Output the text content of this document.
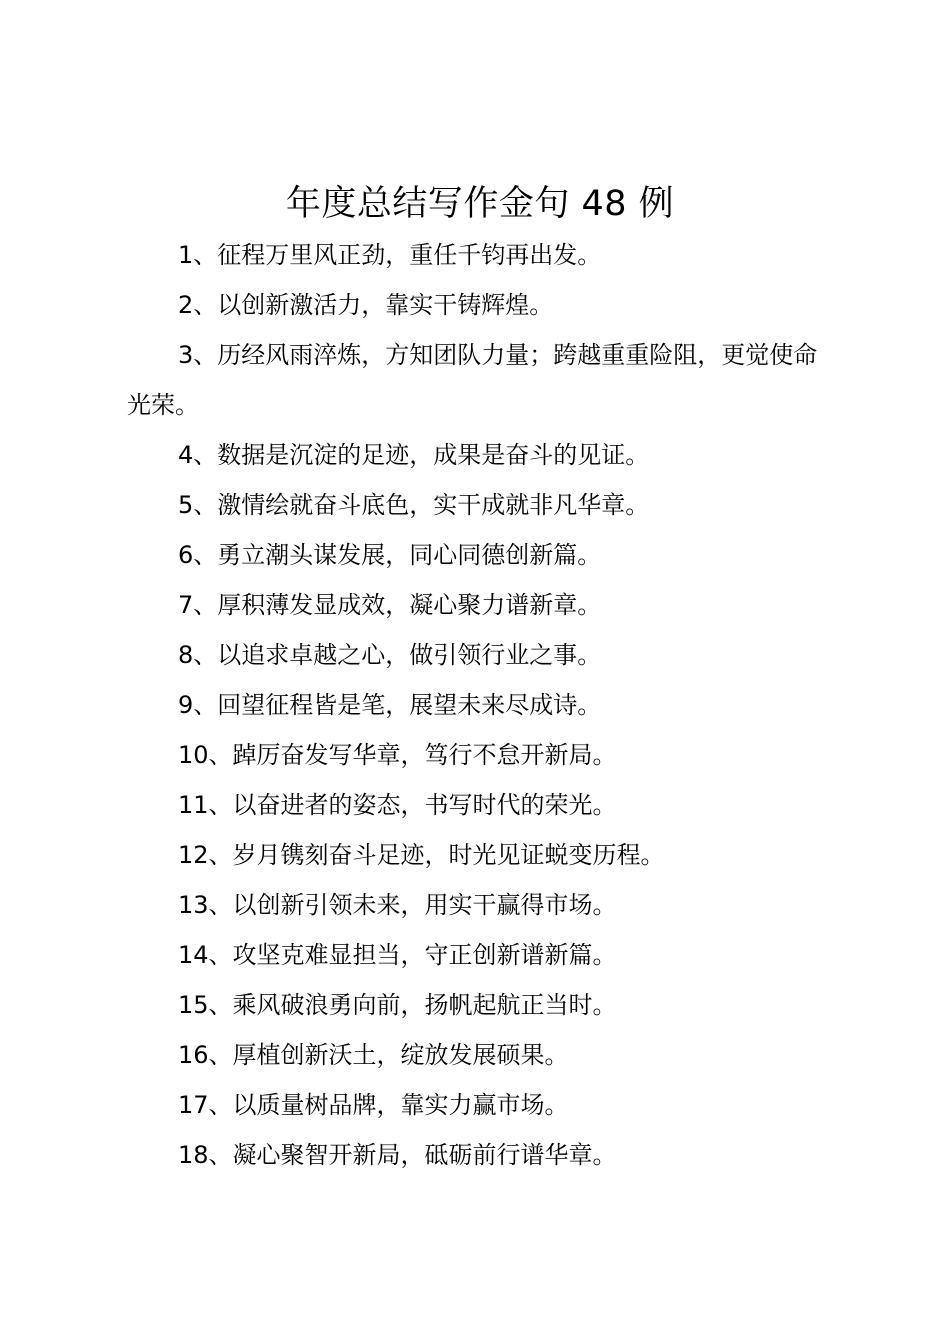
年度总结写作金句 48 例
1、征程万里风正劲，重任千钧再出发。
2、以创新激活力，靠实干铸辉煌。
3、历经风雨淬炼，方知团队力量；跨越重重险阻，更觉使命光荣。
4、数据是沉淀的足迹，成果是奋斗的见证。
5、激情绘就奋斗底色，实干成就非凡华章。
6、勇立潮头谋发展，同心同德创新篇。
7、厚积薄发显成效，凝心聚力谱新章。
8、以追求卓越之心，做引领行业之事。
9、回望征程皆是笔，展望未来尽成诗。
10、踔厉奋发写华章，笃行不怠开新局。
11、以奋进者的姿态，书写时代的荣光。
12、岁月镌刻奋斗足迹，时光见证蜕变历程。
13、以创新引领未来，用实干赢得市场。
14、攻坚克难显担当，守正创新谱新篇。
15、乘风破浪勇向前，扬帆起航正当时。
16、厚植创新沃土，绽放发展硕果。
17、以质量树品牌，靠实力赢市场。
18、凝心聚智开新局，砥砺前行谱华章。
